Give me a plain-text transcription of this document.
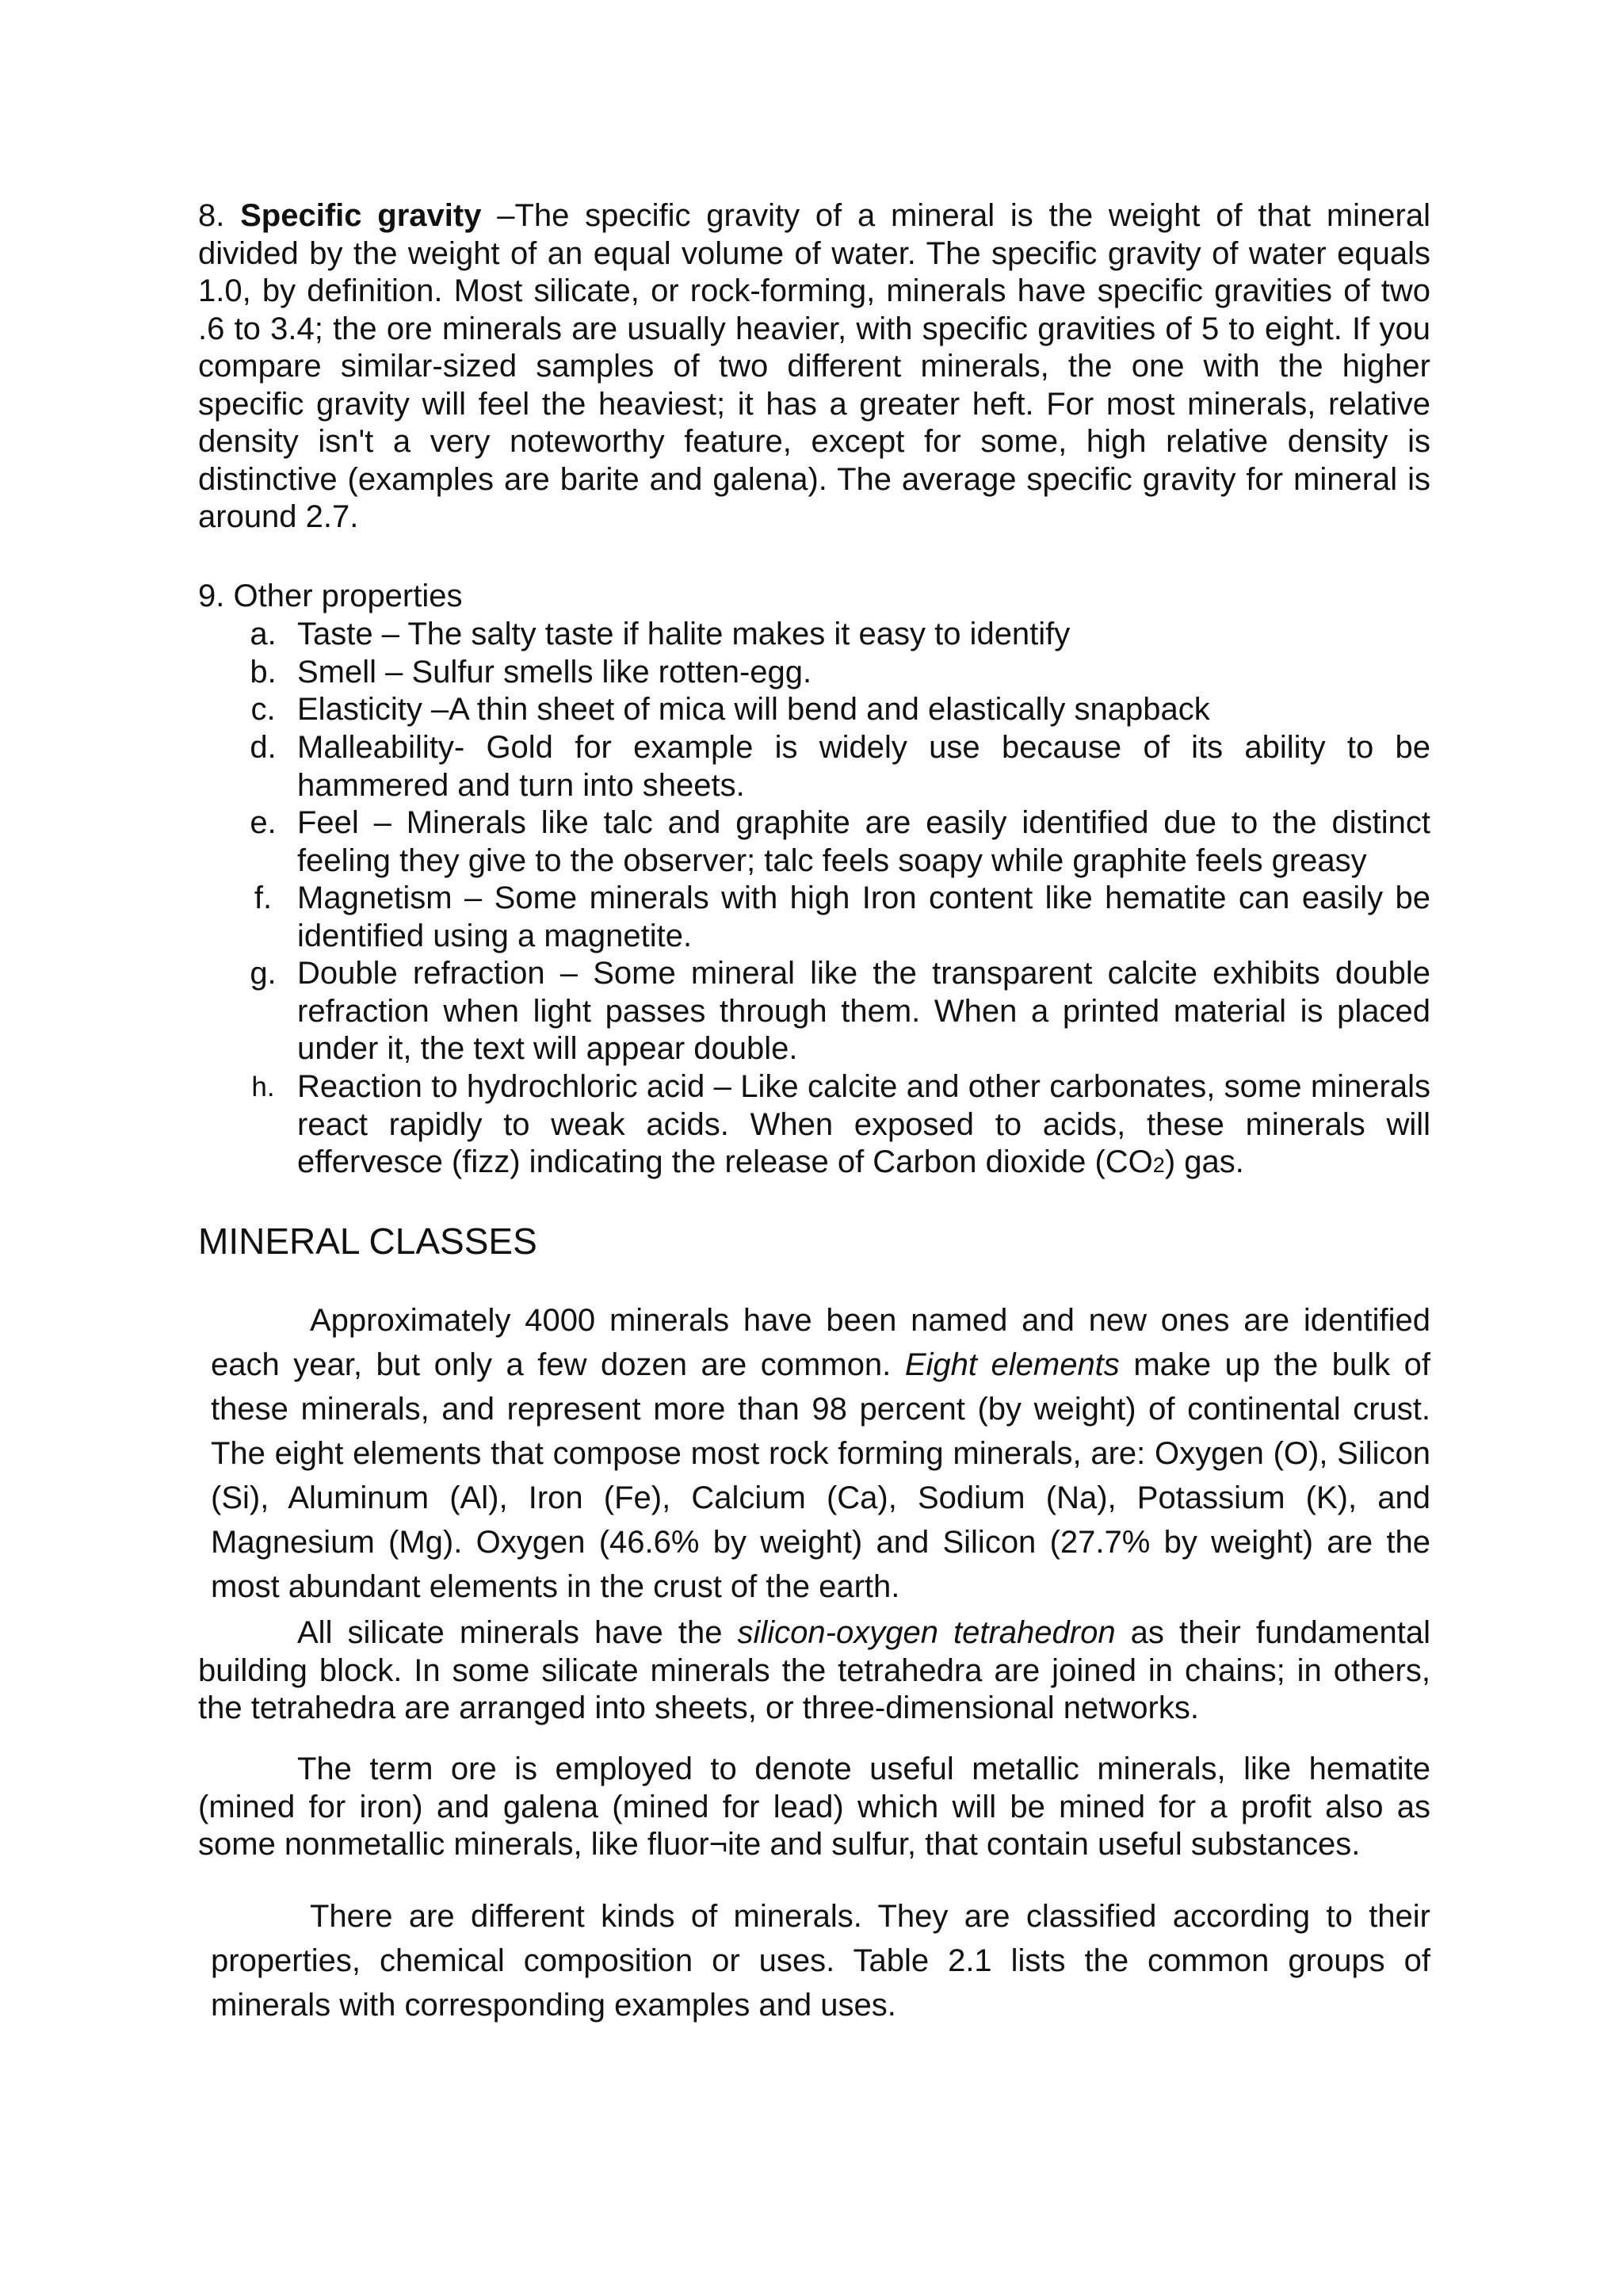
8. Specific gravity –The specific gravity of a mineral is the weight of that mineral divided by the weight of an equal volume of water. The specific gravity of water equals 1.0, by definition. Most silicate, or rock-forming, minerals have specific gravities of two .6 to 3.4; the ore minerals are usually heavier, with specific gravities of 5 to eight. If you compare similar-sized samples of two different minerals, the one with the higher specific gravity will feel the heaviest; it has a greater heft. For most minerals, relative density isn't a very noteworthy feature, except for some, high relative density is distinctive (examples are barite and galena). The average specific gravity for mineral is around 2.7.

9. Other properties

a. Taste – The salty taste if halite makes it easy to identify
b. Smell – Sulfur smells like rotten-egg.
c. Elasticity –A thin sheet of mica will bend and elastically snapback
d. Malleability- Gold for example is widely use because of its ability to be hammered and turn into sheets.
e. Feel – Minerals like talc and graphite are easily identified due to the distinct feeling they give to the observer; talc feels soapy while graphite feels greasy
f. Magnetism – Some minerals with high Iron content like hematite can easily be identified using a magnetite.
g. Double refraction – Some mineral like the transparent calcite exhibits double refraction when light passes through them. When a printed material is placed under it, the text will appear double.
h. Reaction to hydrochloric acid – Like calcite and other carbonates, some minerals react rapidly to weak acids. When exposed to acids, these minerals will effervesce (fizz) indicating the release of Carbon dioxide (CO2) gas.
MINERAL CLASSES

Approximately 4000 minerals have been named and new ones are identified each year, but only a few dozen are common. Eight elements make up the bulk of these minerals, and represent more than 98 percent (by weight) of continental crust. The eight elements that compose most rock forming minerals, are: Oxygen (O), Silicon (Si), Aluminum (Al), Iron (Fe), Calcium (Ca), Sodium (Na), Potassium (K), and Magnesium (Mg). Oxygen (46.6% by weight) and Silicon (27.7% by weight) are the most abundant elements in the crust of the earth.

All silicate minerals have the silicon-oxygen tetrahedron as their fundamental building block. In some silicate minerals the tetrahedra are joined in chains; in others, the tetrahedra are arranged into sheets, or three-dimensional networks.

The term ore is employed to denote useful metallic minerals, like hematite (mined for iron) and galena (mined for lead) which will be mined for a profit also as some nonmetallic minerals, like fluor¬ite and sulfur, that contain useful substances.

There are different kinds of minerals. They are classified according to their properties, chemical composition or uses. Table 2.1 lists the common groups of minerals with corresponding examples and uses.
